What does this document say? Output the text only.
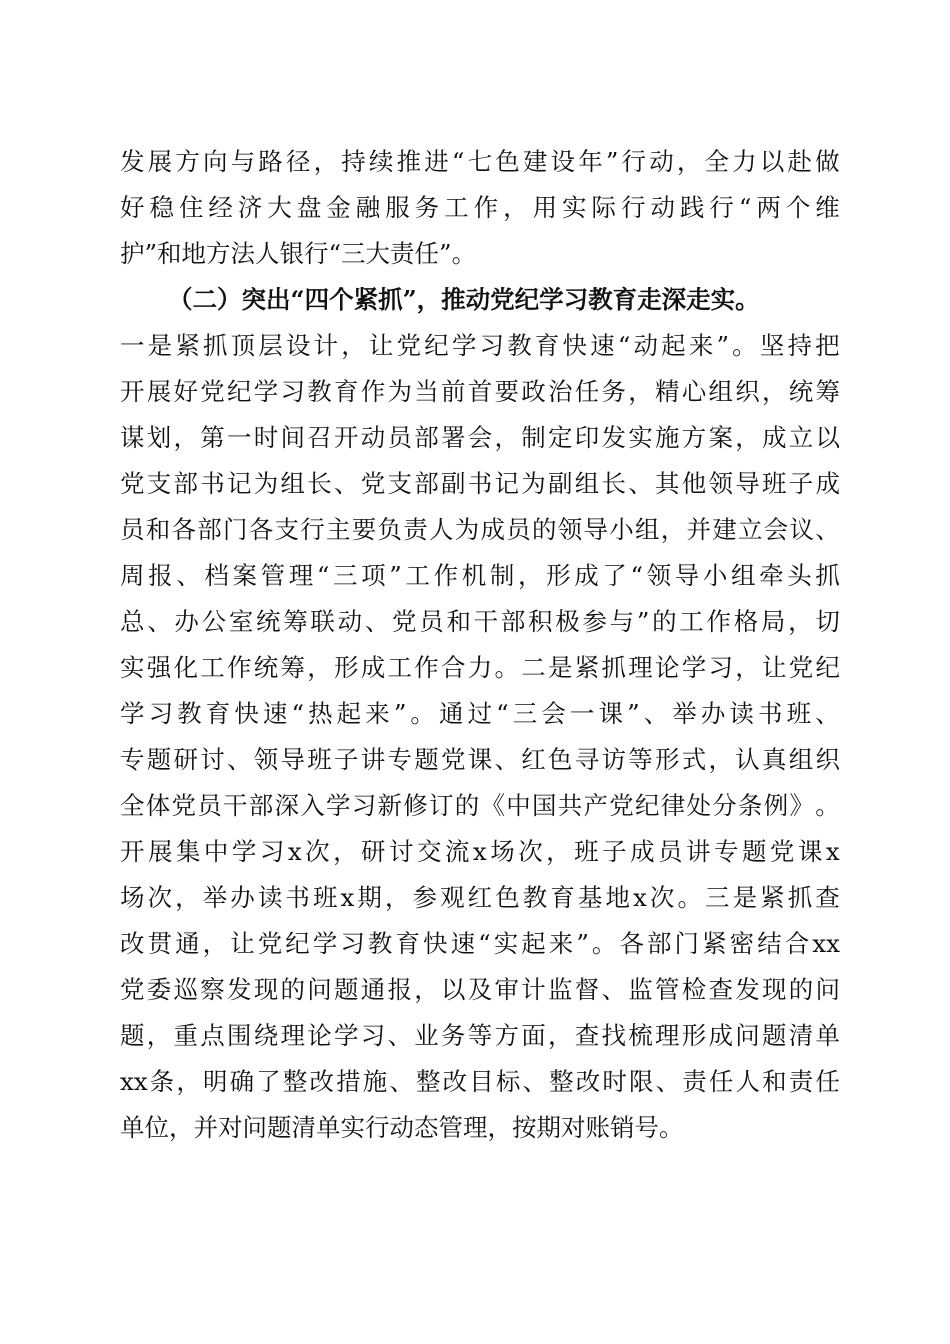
发 展 方 向 与 路 径 ， 持 续 推 进 “ 七 色 建 设 年 ” 行 动 ， 全 力 以 赴 做
好 稳 住 经 济 大 盘 金 融 服 务 工 作 ， 用 实 际 行 动 践 行 “ 两 个 维
护”和地方法人银行“三大责任”。
（二）突出“四个紧抓”，推动党纪学习教育走深走实。
一 是 紧 抓 顶 层 设 计 ， 让 党 纪 学 习 教 育 快 速 “ 动 起 来 ” 。 坚 持 把
开 展 好 党 纪 学 习 教 育 作 为 当 前 首 要 政 治 任 务 ， 精 心 组 织 ， 统 筹
谋 划 ， 第 一 时 间 召 开 动 员 部 署 会 ， 制 定 印 发 实 施 方 案 ， 成 立 以
党 支 部 书 记 为 组 长 、 党 支 部 副 书 记 为 副 组 长 、 其 他 领 导 班 子 成
员 和 各 部 门 各 支 行 主 要 负 责 人 为 成 员 的 领 导 小 组 ， 并 建 立 会 议 、
周 报 、 档 案 管 理 “ 三 项 ” 工 作 机 制 ， 形 成 了 “ 领 导 小 组 牵 头 抓
总 、 办 公 室 统 筹 联 动 、 党 员 和 干 部 积 极 参 与 ” 的 工 作 格 局 ， 切
实 强 化 工 作 统 筹 ， 形 成 工 作 合 力 。 二 是 紧 抓 理 论 学 习 ， 让 党 纪
学 习 教 育 快 速 “ 热 起 来 ” 。 通 过 “ 三 会 一 课 ” 、 举 办 读 书 班 、
专 题 研 讨 、 领 导 班 子 讲 专 题 党 课 、 红 色 寻 访 等 形 式 ， 认 真 组 织
全 体 党 员 干 部 深 入 学 习 新 修 订 的 《 中 国 共 产 党 纪 律 处 分 条 例 》 。
开 展 集 中 学 习 x 次 ， 研 讨 交 流 x 场 次 ， 班 子 成 员 讲 专 题 党 课 x
场 次 ， 举 办 读 书 班 x 期 ， 参 观 红 色 教 育 基 地 x 次 。 三 是 紧 抓 查
改 贯 通 ， 让 党 纪 学 习 教 育 快 速 “ 实 起 来 ” 。 各 部 门 紧 密 结 合 xx
党 委 巡 察 发 现 的 问 题 通 报 ， 以 及 审 计 监 督 、 监 管 检 查 发 现 的 问
题 ， 重 点 围 绕 理 论 学 习 、 业 务 等 方 面 ， 查 找 梳 理 形 成 问 题 清 单
xx 条 ， 明 确 了 整 改 措 施 、 整 改 目 标 、 整 改 时 限 、 责 任 人 和 责 任
单位，并对问题清单实行动态管理，按期对账销号。
